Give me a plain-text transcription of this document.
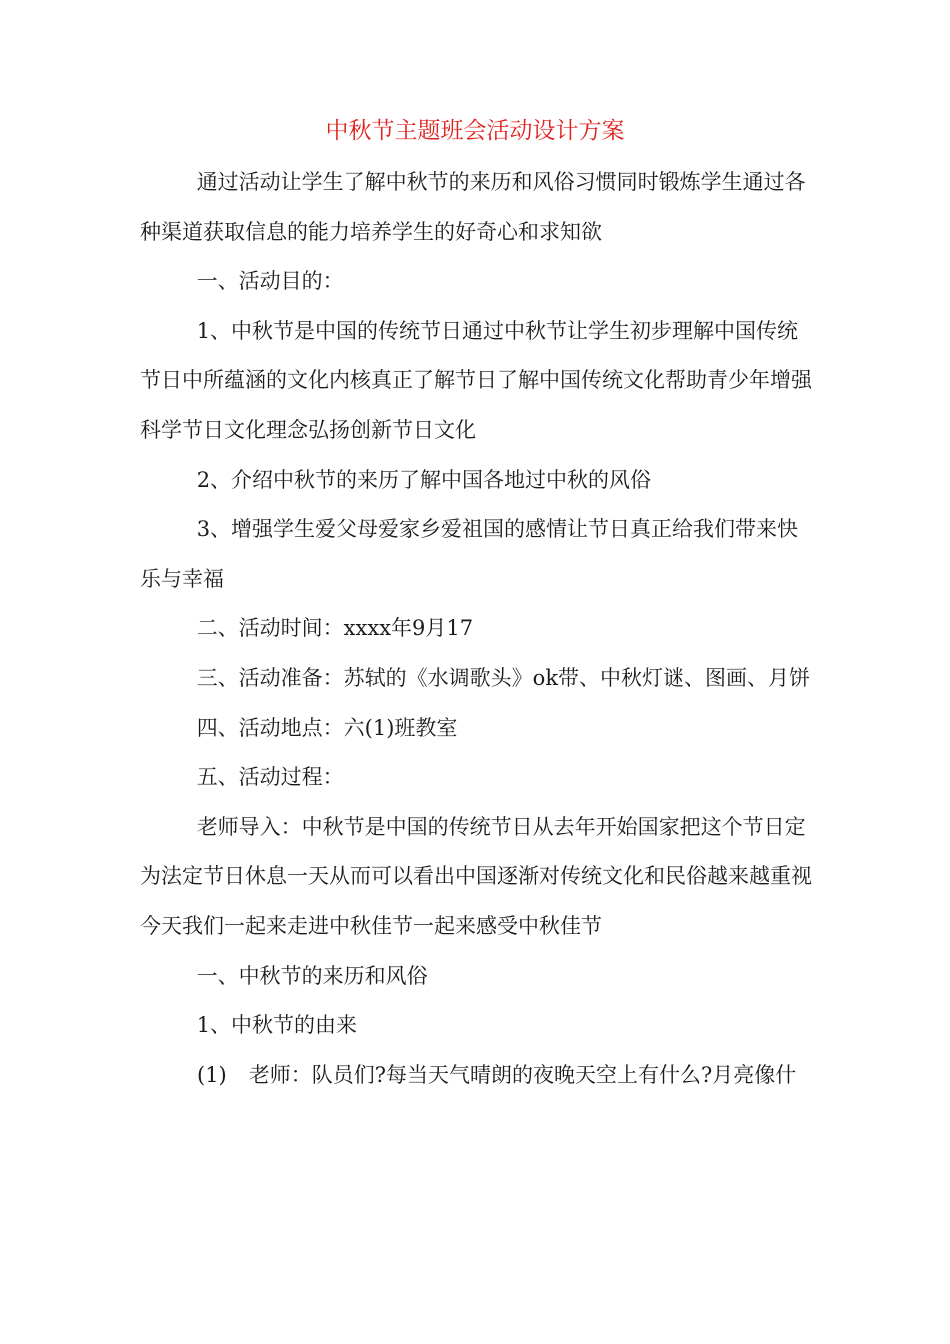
中秋节主题班会活动设计方案

通过活动让学生了解中秋节的来历和风俗习惯同时锻炼学生通过各种渠道获取信息的能力培养学生的好奇心和求知欲

一、活动目的：

1、中秋节是中国的传统节日通过中秋节让学生初步理解中国传统节日中所蕴涵的文化内核真正了解节日了解中国传统文化帮助青少年增强科学节日文化理念弘扬创新节日文化

2、介绍中秋节的来历了解中国各地过中秋的风俗

3、增强学生爱父母爱家乡爱祖国的感情让节日真正给我们带来快乐与幸福

二、活动时间：xxxx年9月17

三、活动准备：苏轼的《水调歌头》ok带、中秋灯谜、图画、月饼

四、活动地点：六(1)班教室

五、活动过程：

老师导入：中秋节是中国的传统节日从去年开始国家把这个节日定为法定节日休息一天从而可以看出中国逐渐对传统文化和民俗越来越重视今天我们一起来走进中秋佳节一起来感受中秋佳节

一、中秋节的来历和风俗

1、中秋节的由来

(1) 老师：队员们?每当天气晴朗的夜晚天空上有什么?月亮像什
